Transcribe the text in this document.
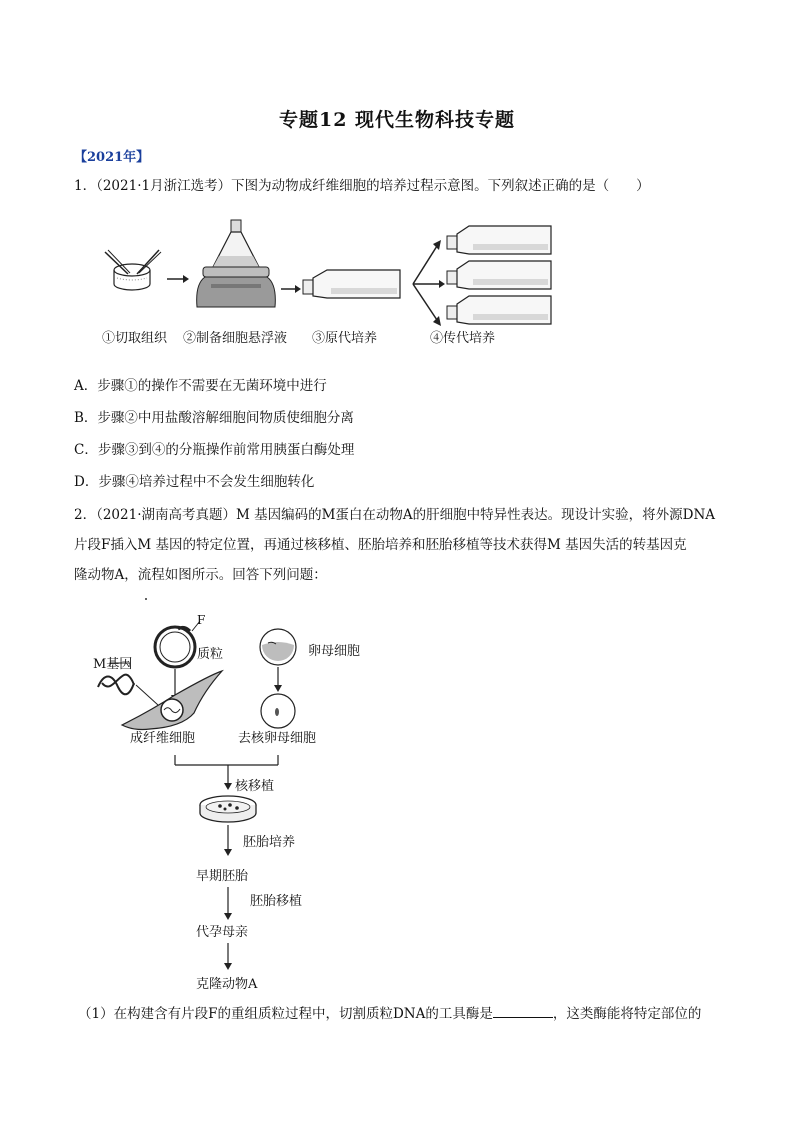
专题12 现代生物科技专题
【2021年】
1．（2021·1月浙江选考）下图为动物成纤维细胞的培养过程示意图。下列叙述正确的是（　　）
①切取组织 ②制备细胞悬浮液 ③原代培养	④传代培养
A．步骤①的操作不需要在无菌环境中进行
B．步骤②中用盐酸溶解细胞间物质使细胞分离
C．步骤③到④的分瓶操作前常用胰蛋白酶处理
D．步骤④培养过程中不会发生细胞转化
2．（2021·湖南高考真题）M 基因编码的M蛋白在动物A的肝细胞中特异性表达。现设计实验，将外源DNA
片段F插入M 基因的特定位置，再通过核移植、胚胎培养和胚胎移植等技术获得M 基因失活的转基因克
隆动物A，流程如图所示。回答下列问题：
F
质粒	卵母细胞
M基因
成纤维细胞	去核卵母细胞
核移植
胚胎培养
早期胚胎
胚胎移植
代孕母亲
克隆动物A
（1）在构建含有片段F的重组质粒过程中，切割质粒DNA的工具酶是	，这类酶能将特定部位的
